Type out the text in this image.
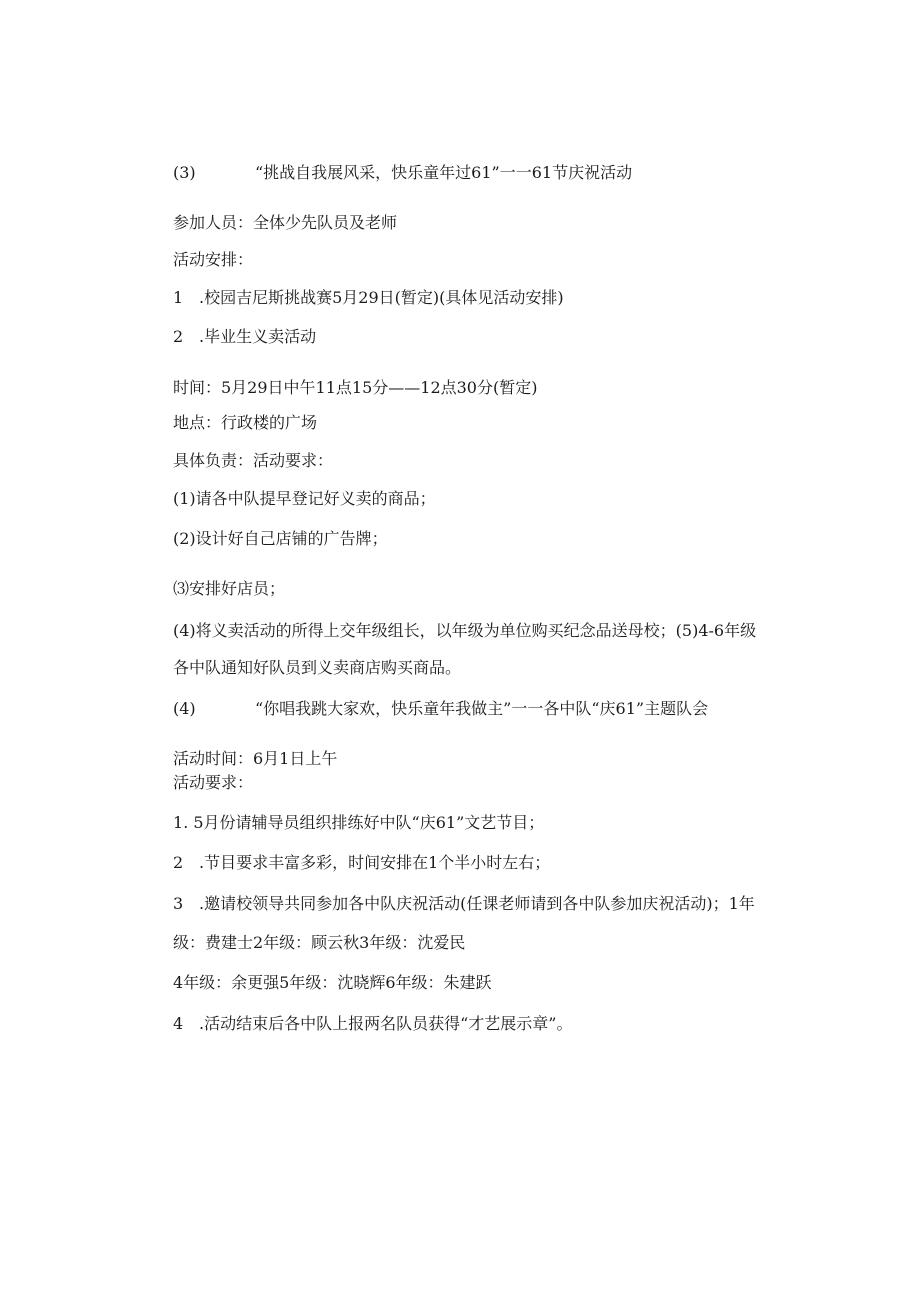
(3)	“挑战自我展风采，快乐童年过61”一一61节庆祝活动
参加人员：全体少先队员及老师
活动安排：
1 .校园吉尼斯挑战赛5月29日(暂定)(具体见活动安排)
2 .毕业生义卖活动
时间：5月29日中午11点15分——12点30分(暂定)
地点：行政楼的广场
具体负责：活动要求：
(1)请各中队提早登记好义卖的商品；
(2)设计好自己店铺的广告牌；
⑶安排好店员；
(4)将义卖活动的所得上交年级组长，以年级为单位购买纪念品送母校；(5)4-6年级
各中队通知好队员到义卖商店购买商品。
(4)	“你唱我跳大家欢，快乐童年我做主”一一各中队“庆61”主题队会
活动时间：6月1日上午
活动要求：
1. 5月份请辅导员组织排练好中队“庆61”文艺节目；
2 .节目要求丰富多彩，时间安排在1个半小时左右；
3 .邀请校领导共同参加各中队庆祝活动(任课老师请到各中队参加庆祝活动)；1年
级：费建士2年级：顾云秋3年级：沈爱民
4年级：余更强5年级：沈晓辉6年级：朱建跃
4 .活动结束后各中队上报两名队员获得“才艺展示章”。
